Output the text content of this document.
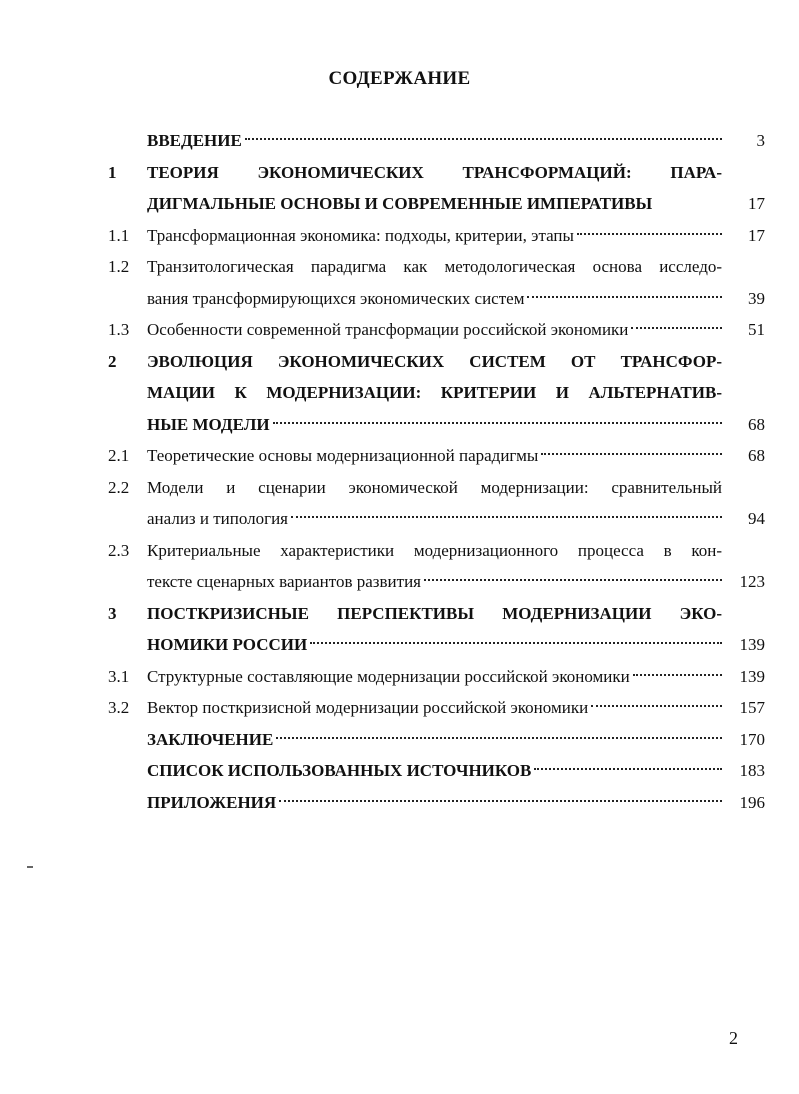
СОДЕРЖАНИЕ
ВВЕДЕНИЕ	3
1 ТЕОРИЯ ЭКОНОМИЧЕСКИХ ТРАНСФОРМАЦИЙ: ПАРА-
ДИГМАЛЬНЫЕ ОСНОВЫ И СОВРЕМЕННЫЕ ИМПЕРАТИВЫ	17
1.1 Трансформационная экономика: подходы, критерии, этапы	17
1.2 Транзитологическая парадигма как методологическая основа исследо-
вания трансформирующихся экономических систем	39
1.3 Особенности современной трансформации российской экономики	51
2 ЭВОЛЮЦИЯ ЭКОНОМИЧЕСКИХ СИСТЕМ ОТ ТРАНСФОР-
МАЦИИ К МОДЕРНИЗАЦИИ: КРИТЕРИИ И АЛЬТЕРНАТИВ-
НЫЕ МОДЕЛИ	68
2.1 Теоретические основы модернизационной парадигмы	68
2.2 Модели и сценарии экономической модернизации: сравнительный
анализ и типология	94
2.3 Критериальные характеристики модернизационного процесса в кон-
тексте сценарных вариантов развития	123
3 ПОСТКРИЗИСНЫЕ ПЕРСПЕКТИВЫ МОДЕРНИЗАЦИИ ЭКО-
НОМИКИ РОССИИ	139
3.1 Структурные составляющие модернизации российской экономики	139
3.2 Вектор посткризисной модернизации российской экономики	157
ЗАКЛЮЧЕНИЕ	170
СПИСОК ИСПОЛЬЗОВАННЫХ ИСТОЧНИКОВ	183
ПРИЛОЖЕНИЯ	196
2
